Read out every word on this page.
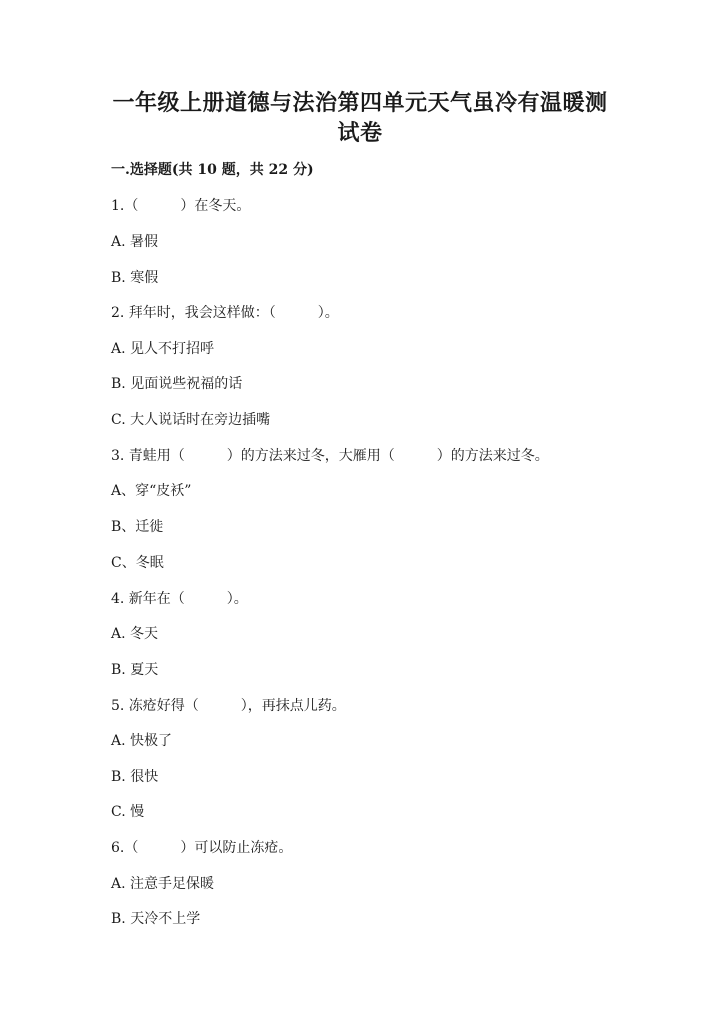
一年级上册道德与法治第四单元天气虽冷有温暖测
试卷
一.选择题(共 10 题，共 22 分)
1.（　　　）在冬天。
A. 暑假
B. 寒假
2. 拜年时，我会这样做：（　　　）。
A. 见人不打招呼
B. 见面说些祝福的话
C. 大人说话时在旁边插嘴
3. 青蛙用（　　　）的方法来过冬，大雁用（　　　）的方法来过冬。
A、穿“皮袄”
B、迁徙
C、冬眠
4. 新年在（　　　）。
A. 冬天
B. 夏天
5. 冻疮好得（　　　），再抹点儿药。
A. 快极了
B. 很快
C. 慢
6.（　　　）可以防止冻疮。
A. 注意手足保暖
B. 天冷不上学
